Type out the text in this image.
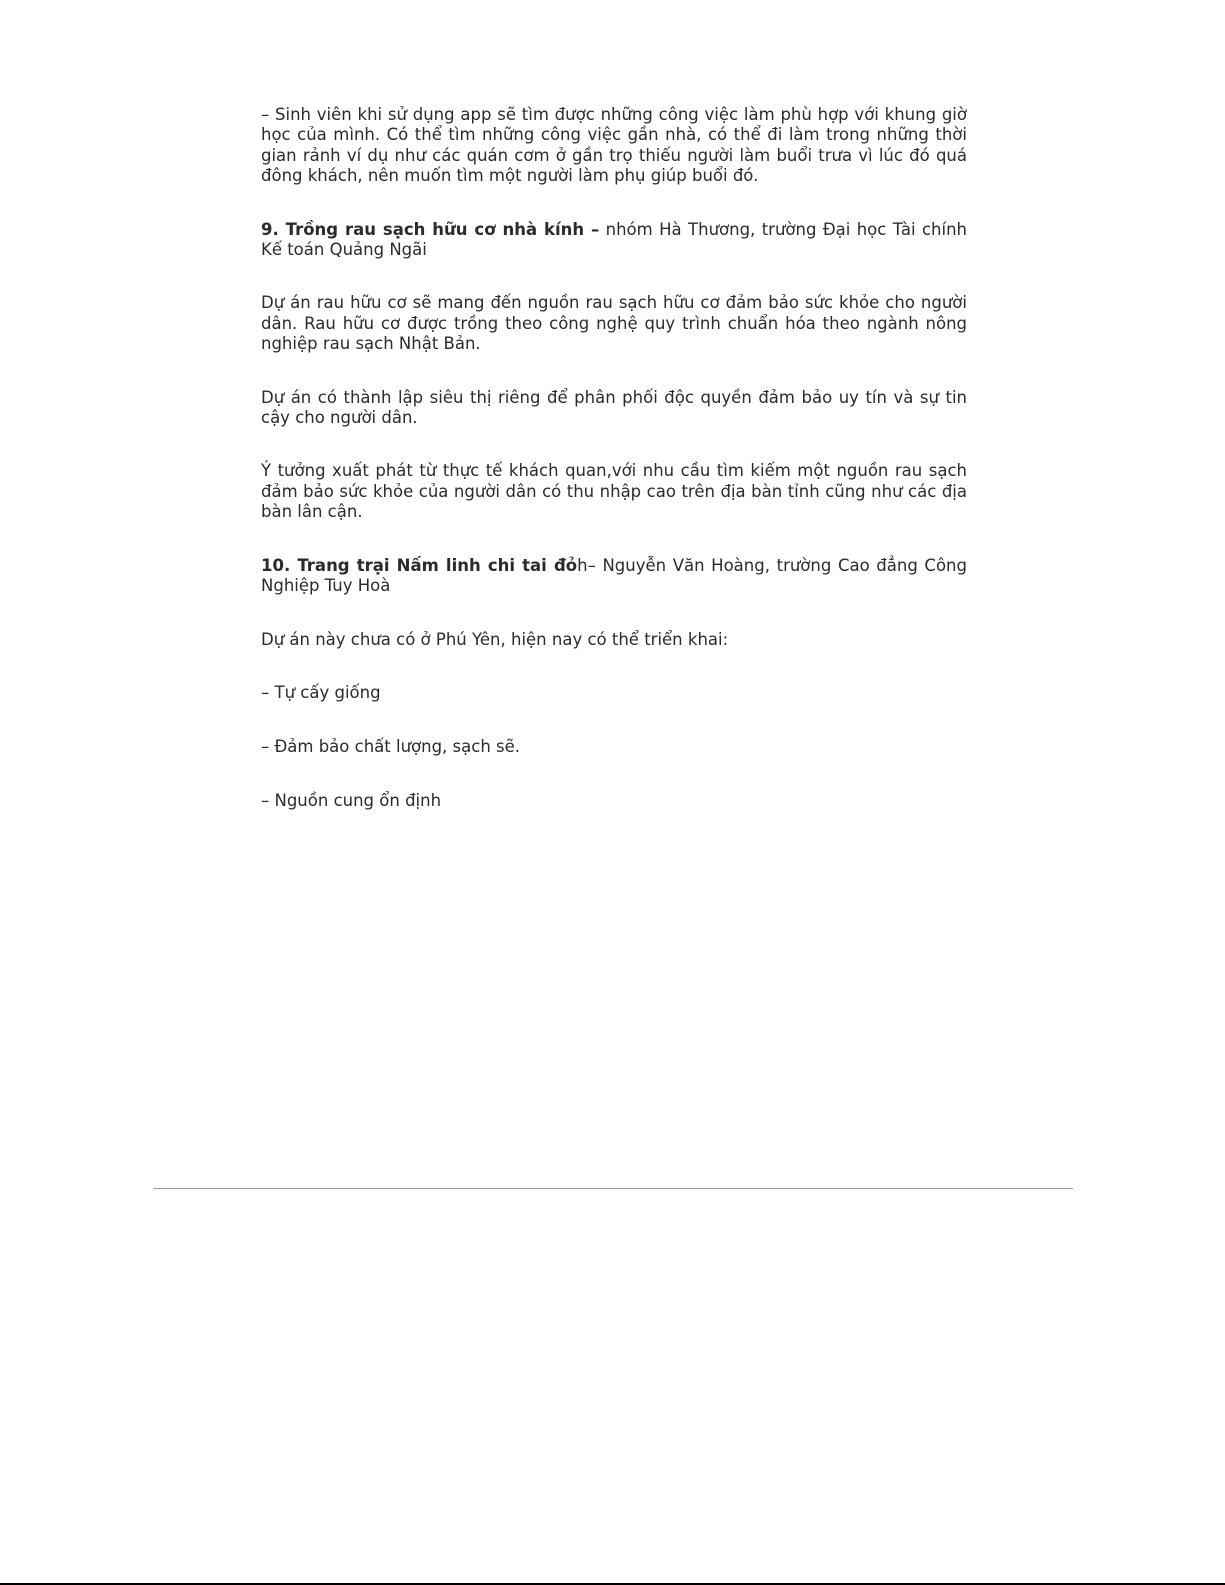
– Sinh viên khi sử dụng app sẽ tìm được những công việc làm phù hợp với khung giờ học của mình. Có thể tìm những công việc gần nhà, có thể đi làm trong những thời gian rảnh ví dụ như các quán cơm ở gần trọ thiếu người làm buổi trưa vì lúc đó quá đông khách, nên muốn tìm một người làm phụ giúp buổi đó.

9. Trồng rau sạch hữu cơ nhà kính – nhóm Hà Thương, trường Đại học Tài chính Kế toán Quảng Ngãi

Dự án rau hữu cơ sẽ mang đến nguồn rau sạch hữu cơ đảm bảo sức khỏe cho người dân. Rau hữu cơ được trồng theo công nghệ quy trình chuẩn hóa theo ngành nông nghiệp rau sạch Nhật Bản.

Dự án có thành lập siêu thị riêng để phân phối độc quyền đảm bảo uy tín và sự tin cậy cho người dân.

Ý tưởng xuất phát từ thực tế khách quan,với nhu cầu tìm kiếm một nguồn rau sạch đảm bảo sức khỏe của người dân có thu nhập cao trên địa bàn tỉnh cũng như các địa bàn lân cận.

10. Trang trại Nấm linh chi tai đỏh– Nguyễn Văn Hoàng, trường Cao đẳng Công Nghiệp Tuy Hoà

Dự án này chưa có ở Phú Yên, hiện nay có thể triển khai:

– Tự cấy giống

– Đảm bảo chất lượng, sạch sẽ.

– Nguồn cung ổn định
